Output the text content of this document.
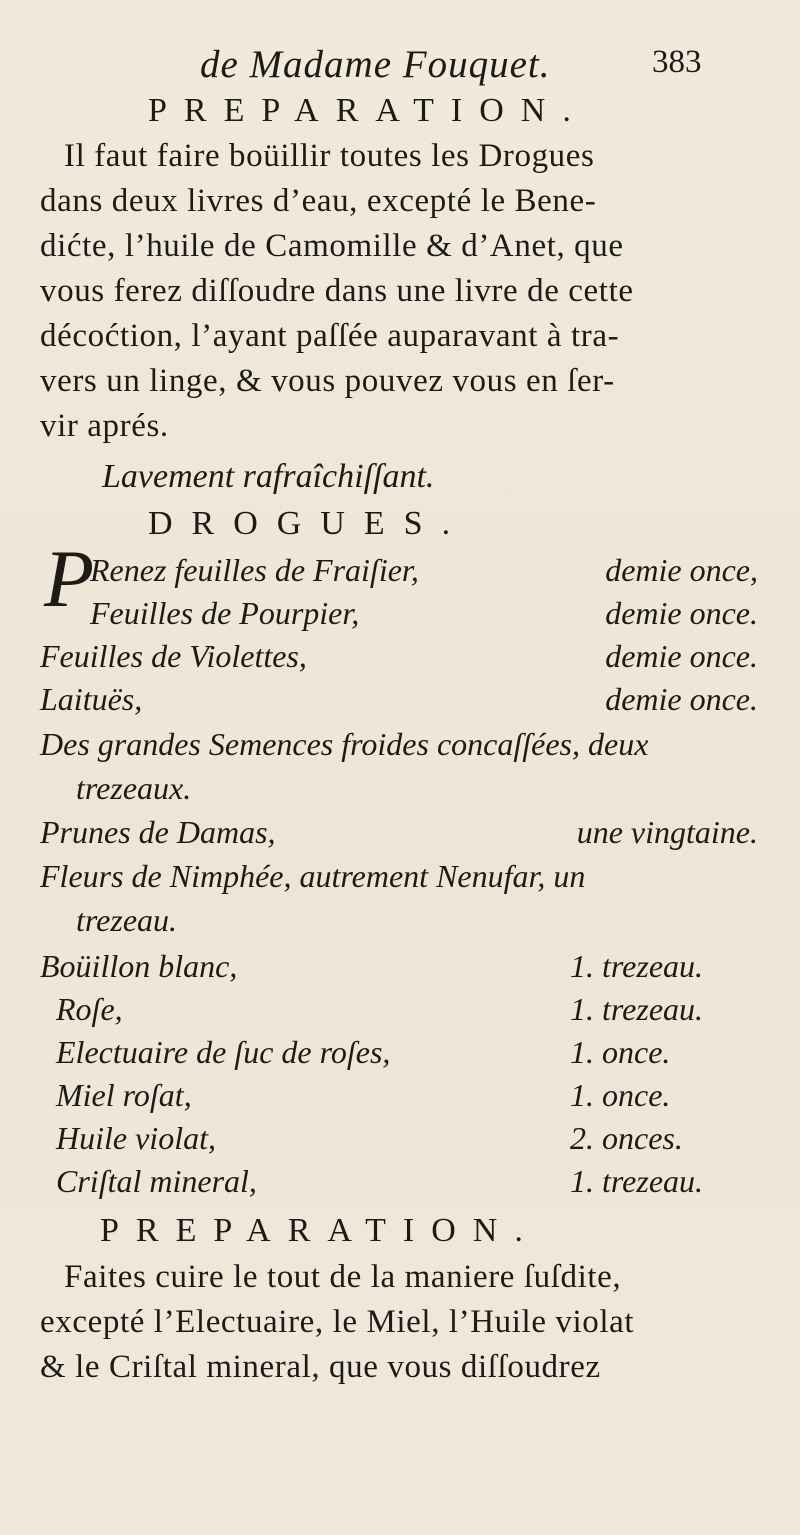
de Madame Fouquet.	383
PREPARATION.
Il faut faire boüillir toutes les Drogues
dans deux livres d’eau, excepté le Bene-
dićte, l’huile de Camomille & d’Anet, que
vous ferez diſſoudre dans une livre de cette
décoćtion, l’ayant paſſée auparavant à tra-
vers un linge, & vous pouvez vous en ſer-
vir aprés.
Lavement rafraîchiſſant.
DROGUES.
P
Renez feuilles de Fraiſier,	demie once,
Feuilles de Pourpier,	demie once.
Feuilles de Violettes,	demie once.
Laituës,	demie once.
Des grandes Semences froides concaſſées, deux
trezeaux.
Prunes de Damas,	une vingtaine.
Fleurs de Nimphée, autrement Nenufar, un
trezeau.
Boüillon blanc,	1. trezeau.
Roſe,	1. trezeau.
Electuaire de ſuc de roſes,	1. once.
Miel roſat,	1. once.
Huile violat,	2. onces.
Criſtal mineral,	1. trezeau.
PREPARATION.
Faites cuire le tout de la maniere ſuſdite,
excepté l’Electuaire, le Miel, l’Huile violat
& le Criſtal mineral, que vous diſſoudrez
